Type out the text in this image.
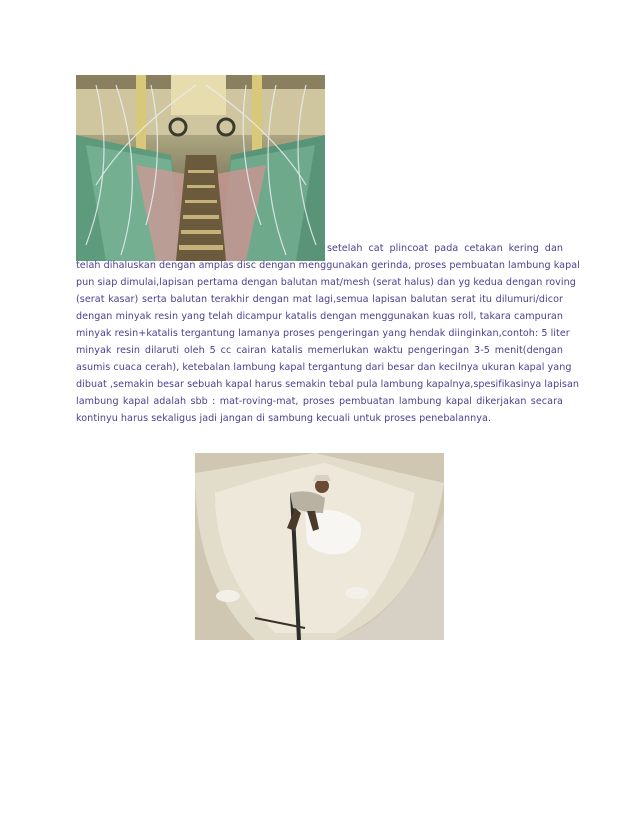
setelah cat plincoat pada cetakan kering dan
telah dihaluskan dengan amplas disc dengan menggunakan gerinda, proses pembuatan lambung kapal
pun siap dimulai,lapisan pertama dengan balutan mat/mesh (serat halus) dan yg kedua dengan roving
(serat kasar) serta balutan terakhir dengan mat lagi,semua lapisan balutan serat itu dilumuri/dicor
dengan minyak resin yang telah dicampur katalis dengan menggunakan kuas roll, takara campuran
minyak resin+katalis tergantung lamanya proses pengeringan yang hendak diinginkan,contoh: 5 liter
minyak resin dilaruti oleh 5 cc cairan katalis memerlukan waktu pengeringan 3-5 menit(dengan
asumis cuaca cerah), ketebalan lambung kapal tergantung dari besar dan kecilnya ukuran kapal yang
dibuat ,semakin besar sebuah kapal harus semakin tebal pula lambung kapalnya,spesifikasinya lapisan
lambung kapal adalah sbb : mat-roving-mat, proses pembuatan lambung kapal dikerjakan secara
kontinyu harus sekaligus jadi jangan di sambung kecuali untuk proses penebalannya.
